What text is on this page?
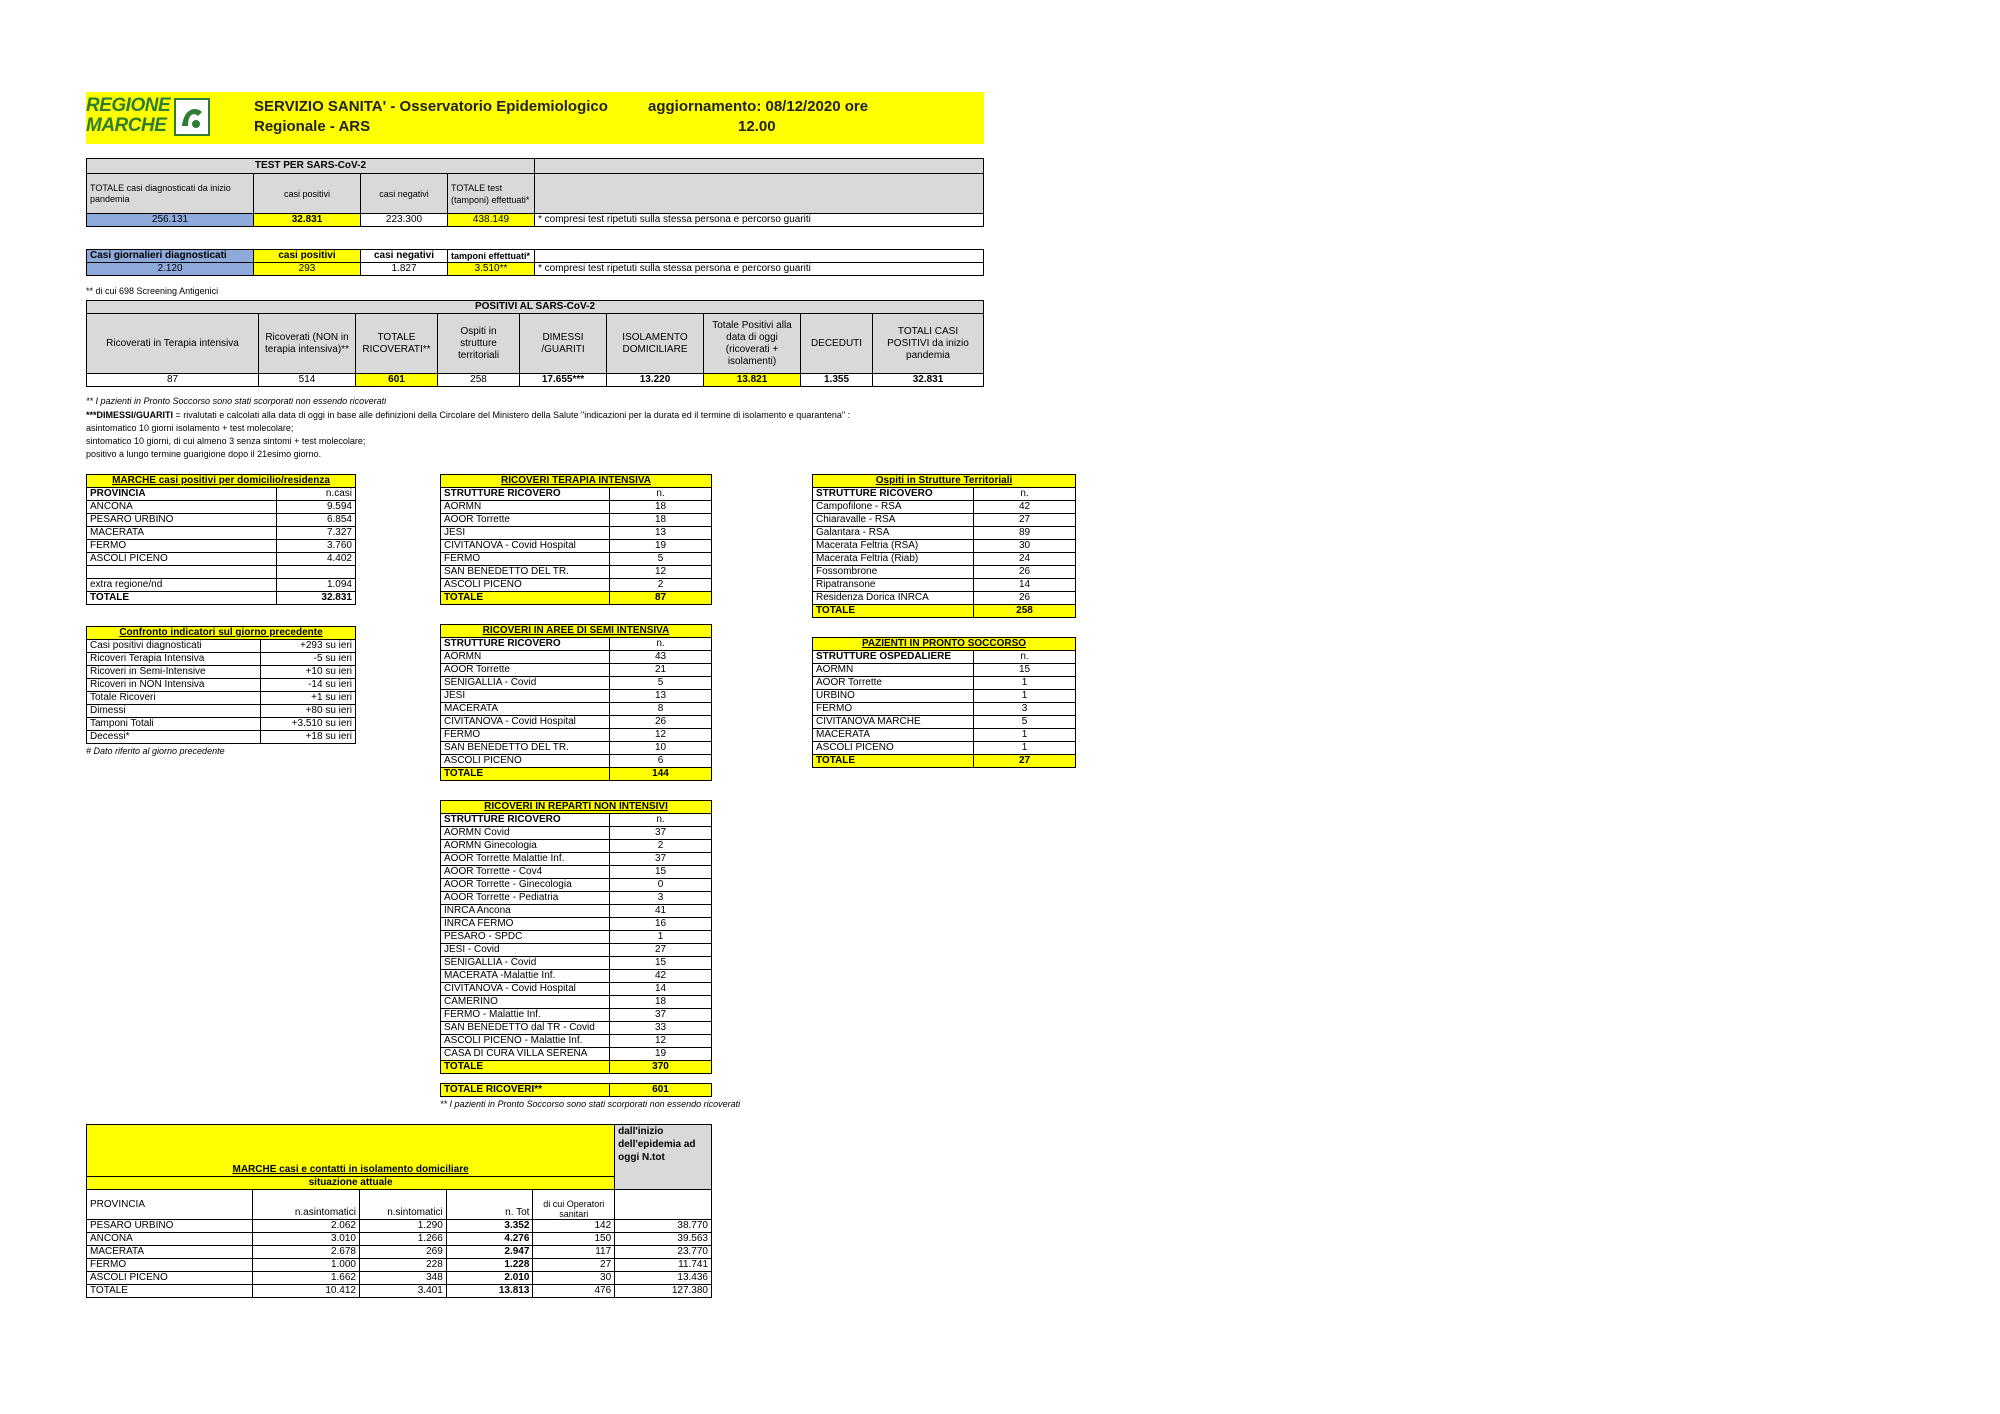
REGIONE
MARCHE
SERVIZIO SANITA' - Osservatorio Epidemiologico
Regionale - ARS
aggiornamento: 08/12/2020 ore
12.00
TEST PER SARS-CoV-2				
TOTALE casi diagnosticati da inizio pandemia	casi positivi	casi negativi	TOTALE test (tamponi) effettuati*	
256.131	32.831	223.300	438.149	* compresi test ripetuti sulla stessa persona e percorso guariti
Casi giornalieri diagnosticati	casi positivi	casi negativi	tamponi effettuati*	
2.120	293	1.827	3.510**	* compresi test ripetuti sulla stessa persona e percorso guariti
** di cui 698 Screening Antigenici
POSITIVI AL SARS-CoV-2								
Ricoverati in Terapia intensiva	Ricoverati (NON in terapia intensiva)**	TOTALE RICOVERATI**	Ospiti in strutture territoriali	DIMESSI /GUARITI	ISOLAMENTO DOMICILIARE	Totale Positivi alla data di oggi (ricoverati + isolamenti)	DECEDUTI	TOTALI CASI POSITIVI da inizio pandemia
87	514	601	258	17.655***	13.220	13.821	1.355	32.831
** I pazienti in Pronto Soccorso sono stati scorporati non essendo ricoverati
***DIMESSI/GUARITI = rivalutati e calcolati alla data di oggi in base alle definizioni della Circolare del Ministero della Salute "indicazioni per la durata ed il termine di isolamento e quarantena" :
asintomatico 10 giorni isolamento + test molecolare;
sintomatico 10 giorni, di cui almeno 3 senza sintomi + test molecolare;
positivo a lungo termine guarigione dopo il 21esimo giorno.
MARCHE casi positivi per domicilio/residenza	
PROVINCIA	n.casi
ANCONA	9.594
PESARO URBINO	6.854
MACERATA	7.327
FERMO	3.760
ASCOLI PICENO	4.402

extra regione/nd	1.094
TOTALE	32.831
Confronto indicatori sul giorno precedente	
Casi positivi diagnosticati	+293 su ieri
Ricoveri Terapia Intensiva	-5 su ieri
Ricoveri in Semi-Intensive	+10 su ieri
Ricoveri in NON Intensiva	-14 su ieri
Totale Ricoveri	+1 su ieri
Dimessi	+80 su ieri
Tamponi Totali	+3.510 su ieri
Decessi*	+18 su ieri
# Dato riferito al giorno precedente
RICOVERI TERAPIA INTENSIVA	
STRUTTURE RICOVERO	n.
AORMN	18
AOOR Torrette	18
JESI	13
CIVITANOVA - Covid Hospital	19
FERMO	5
SAN BENEDETTO DEL TR.	12
ASCOLI PICENO	2
TOTALE	87
RICOVERI IN AREE DI SEMI INTENSIVA	
STRUTTURE RICOVERO	n.
AORMN	43
AOOR Torrette	21
SENIGALLIA - Covid	5
JESI	13
MACERATA	8
CIVITANOVA - Covid Hospital	26
FERMO	12
SAN BENEDETTO DEL TR.	10
ASCOLI PICENO	6
TOTALE	144
RICOVERI IN REPARTI NON INTENSIVI	
STRUTTURE RICOVERO	n.
AORMN Covid	37
AORMN Ginecologia	2
AOOR Torrette Malattie Inf.	37
AOOR Torrette - Cov4	15
AOOR Torrette - Ginecologia	0
AOOR Torrette - Pediatria	3
INRCA Ancona	41
INRCA FERMO	16
PESARO - SPDC	1
JESI - Covid	27
SENIGALLIA - Covid	15
MACERATA -Malattie Inf.	42
CIVITANOVA - Covid Hospital	14
CAMERINO	18
FERMO - Malattie Inf.	37
SAN BENEDETTO dal TR - Covid	33
ASCOLI PICENO - Malattie Inf.	12
CASA DI CURA VILLA SERENA	19
TOTALE	370
TOTALE RICOVERI**	601
** I pazienti in Pronto Soccorso sono stati scorporati non essendo ricoverati
Ospiti in Strutture Territoriali	
STRUTTURE RICOVERO	n.
Campofilone - RSA	42
Chiaravalle - RSA	27
Galantara - RSA	89
Macerata Feltria (RSA)	30
Macerata Feltria (Riab)	24
Fossombrone	26
Ripatransone	14
Residenza Dorica INRCA	26
TOTALE	258
PAZIENTI IN PRONTO SOCCORSO	
STRUTTURE OSPEDALIERE	n.
AORMN	15
AOOR Torrette	1
URBINO	1
FERMO	3
CIVITANOVA MARCHE	5
MACERATA	1
ASCOLI PICENO	1
TOTALE	27
MARCHE casi e contatti in isolamento domiciliare					dall'inizio dell'epidemia ad oggi N.tot
situazione attuale					
PROVINCIA	n.asintomatici	n.sintomatici	n. Tot	di cui Operatori sanitari	
PESARO URBINO	2.062	1.290	3.352	142	38.770
ANCONA	3.010	1.266	4.276	150	39.563
MACERATA	2.678	269	2.947	117	23.770
FERMO	1.000	228	1.228	27	11.741
ASCOLI PICENO	1.662	348	2.010	30	13.436
TOTALE	10.412	3.401	13.813	476	127.380
